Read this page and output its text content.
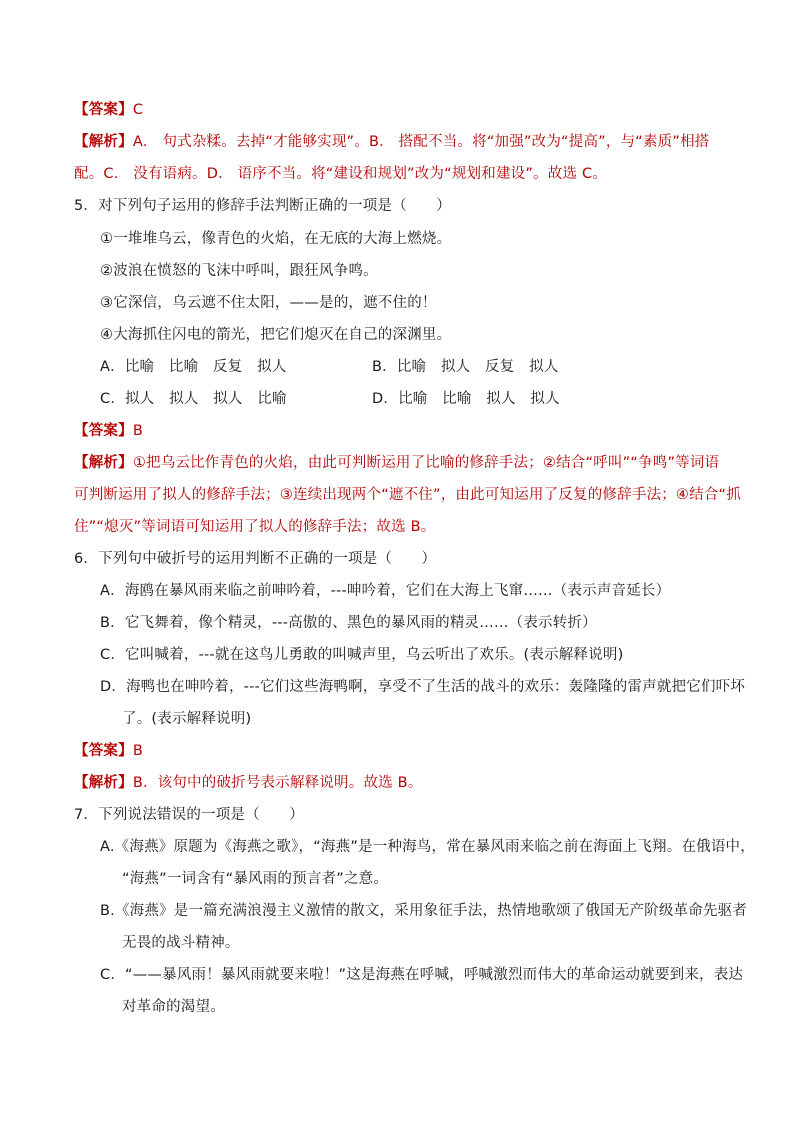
【答案】C
【解析】A． 句式杂糅。去掉“才能够实现”。B． 搭配不当。将“加强”改为“提高”，与“素质”相搭
配。C． 没有语病。D． 语序不当。将“建设和规划”改为“规划和建设”。故选 C。
5．对下列句子运用的修辞手法判断正确的一项是（　　）
①一堆堆乌云，像青色的火焰，在无底的大海上燃烧。
②波浪在愤怒的飞沫中呼叫，跟狂风争鸣。
③它深信，乌云遮不住太阳，——是的，遮不住的！
④大海抓住闪电的箭光，把它们熄灭在自己的深渊里。
A．比喻　比喻　反复　拟人	B．比喻　拟人　反复　拟人
C．拟人　拟人　拟人　比喻	D．比喻　比喻　拟人　拟人
【答案】B
【解析】①把乌云比作青色的火焰，由此可判断运用了比喻的修辞手法；②结合“呼叫”“争鸣”等词语
可判断运用了拟人的修辞手法；③连续出现两个“遮不住”，由此可知运用了反复的修辞手法；④结合“抓
住”“熄灭”等词语可知运用了拟人的修辞手法；故选 B。
6．下列句中破折号的运用判断不正确的一项是（　　）
A．海鸥在暴风雨来临之前呻吟着，---呻吟着，它们在大海上飞窜……（表示声音延长）
B．它飞舞着，像个精灵，---高傲的、黑色的暴风雨的精灵……（表示转折）
C．它叫喊着，---就在这鸟儿勇敢的叫喊声里，乌云听出了欢乐。(表示解释说明)
D．海鸭也在呻吟着，---它们这些海鸭啊，享受不了生活的战斗的欢乐：轰隆隆的雷声就把它们吓坏
了。(表示解释说明)
【答案】B
【解析】B．该句中的破折号表示解释说明。故选 B。
7．下列说法错误的一项是（　　）
A.《海燕》原题为《海燕之歌》，“海燕”是一种海鸟，常在暴风雨来临之前在海面上飞翔。在俄语中，
“海燕”一词含有“暴风雨的预言者”之意。
B.《海燕》是一篇充满浪漫主义激情的散文，采用象征手法，热情地歌颂了俄国无产阶级革命先驱者
无畏的战斗精神。
C．“——暴风雨！暴风雨就要来啦！”这是海燕在呼喊，呼喊激烈而伟大的革命运动就要到来，表达
对革命的渴望。
